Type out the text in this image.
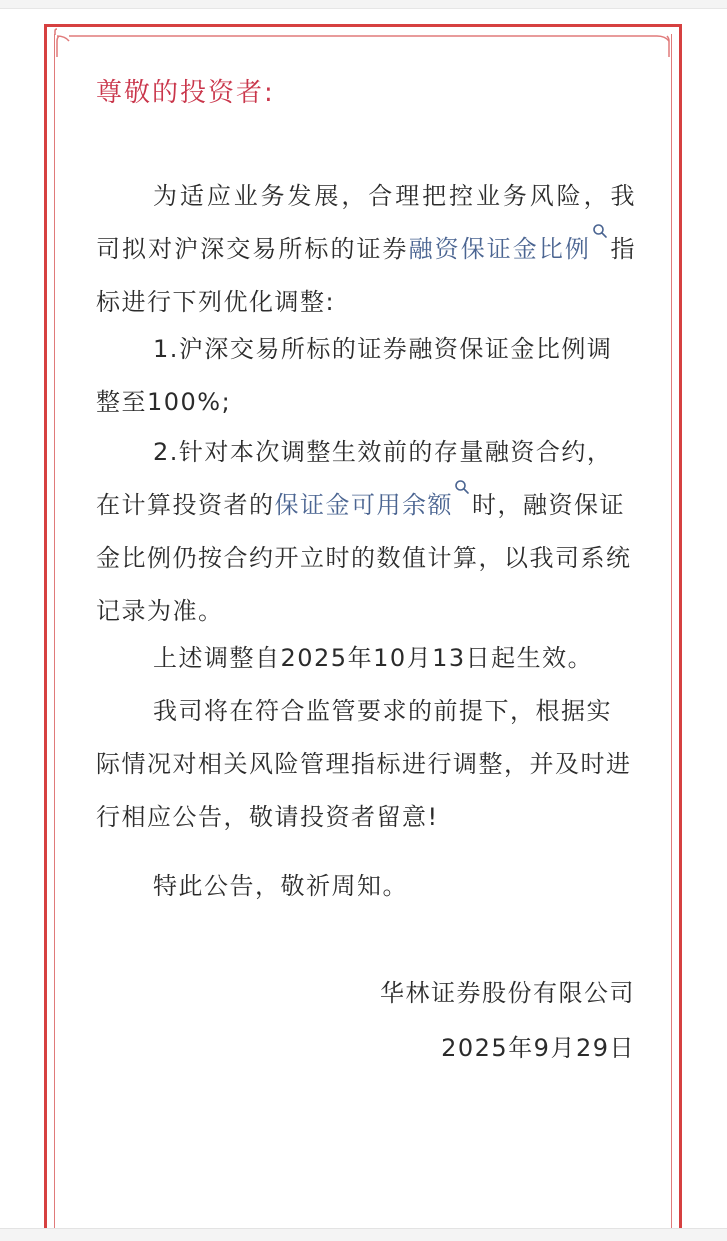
尊敬的投资者:

为适应业务发展，合理把控业务风险，我司拟对沪深交易所标的证券融资保证金比例 指标进行下列优化调整:

1.沪深交易所标的证券融资保证金比例调整至100%;

2.针对本次调整生效前的存量融资合约，在计算投资者的保证金可用余额 时，融资保证金比例仍按合约开立时的数值计算，以我司系统记录为准。

上述调整自2025年10月13日起生效。

我司将在符合监管要求的前提下，根据实际情况对相关风险管理指标进行调整，并及时进行相应公告，敬请投资者留意!

特此公告，敬祈周知。

华林证券股份有限公司

2025年9月29日
